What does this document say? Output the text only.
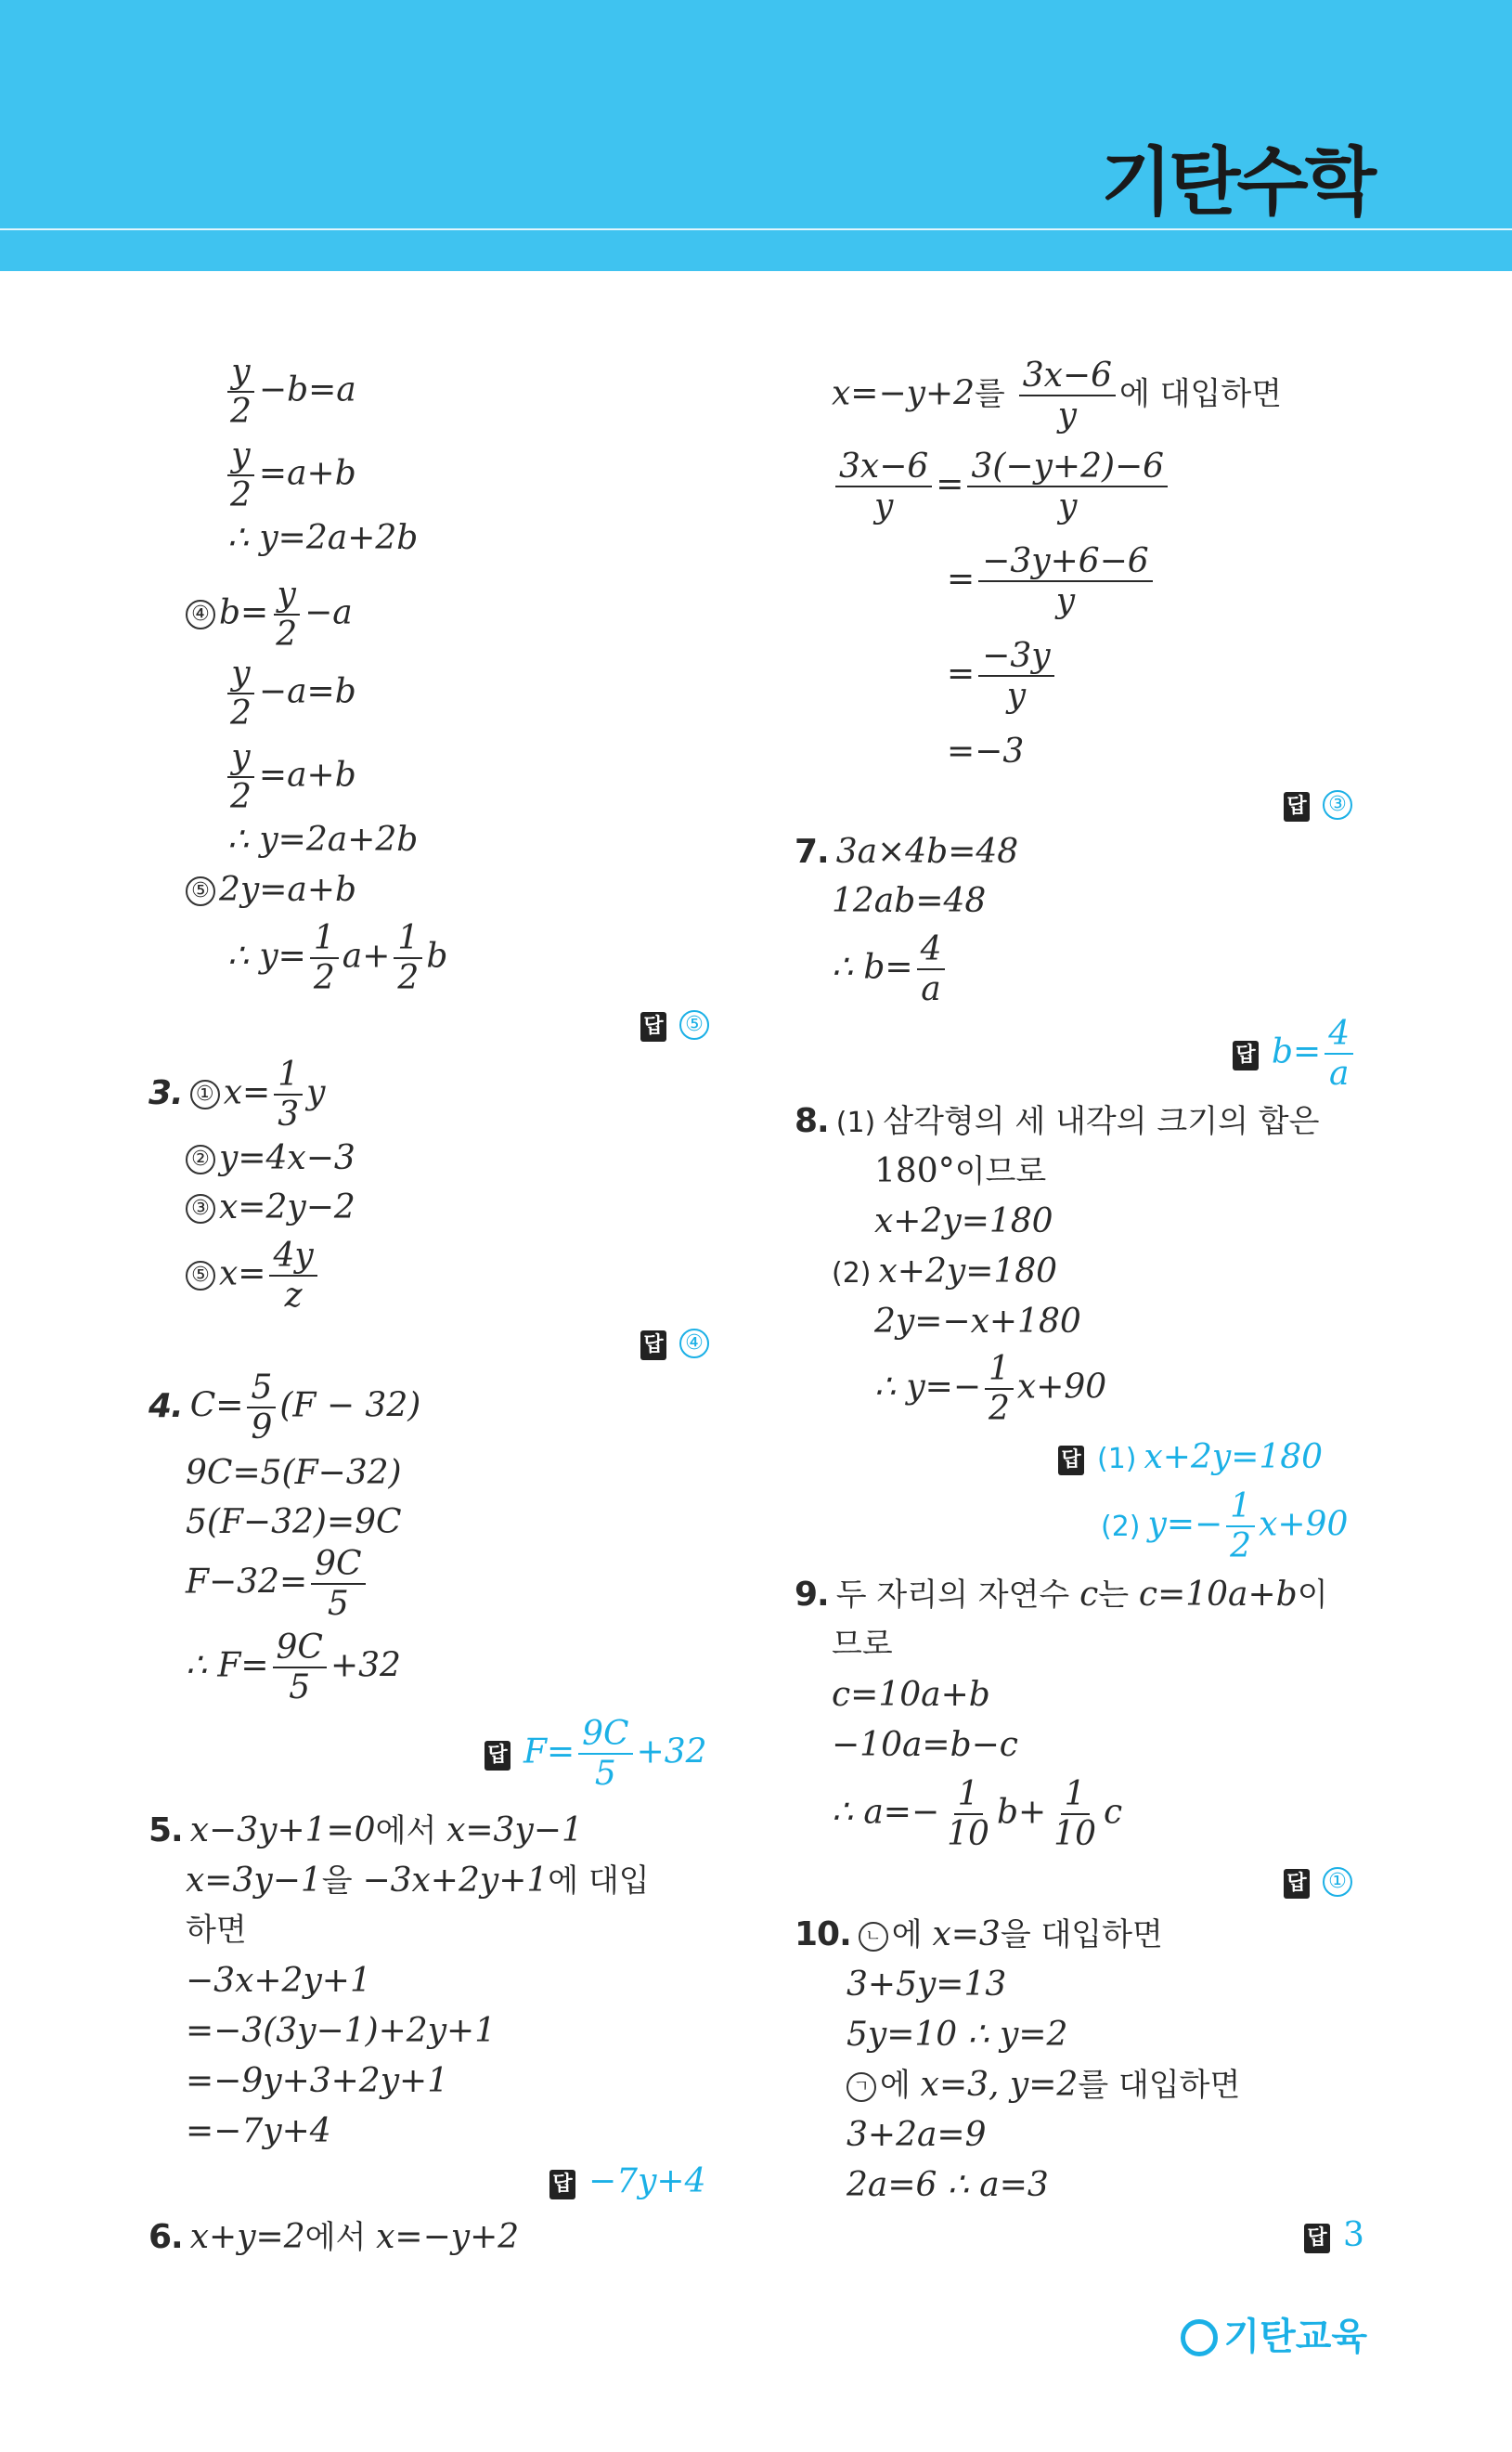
기탄수학
$\frac{y}{2} -b=a$
$\frac{y}{2} =a+b$
∴ y=2a+2b
④ $b= \frac{y}{2} -a$
$\frac{y}{2} -a=b$
$\frac{y}{2} =a+b$
∴ y=2a+2b
⑤ 2y=a+b
∴ $y= \frac{1}{2} a+ \frac{1}{2}$ b
답 ⑤
3. ① $x= \frac{1}{3}$ y
② y=4x−3
③ x=2y−2
⑤ $x= \frac{4y}{z}$
답 ④
4. $C= \frac{5}{9} (F - 32)$
9C=5(F−32)
5(F−32)=9C
$F-32= \frac{9C}{5}$
∴ $F= \frac{9C}{5} +32$
답 $F= \frac{9C}{5} +32$
5. x−3y+1=0에서 x=3y−1
x=3y−1을 −3x+2y+1에 대입
하면
−3x+2y+1
=−3(3y−1)+2y+1
=−9y+3+2y+1
=−7y+4
답 −7y+4
6. x+y=2에서 x=−y+2
x=−y+2를 $\frac{3x-6}{y}$ 에 대입하면
$\frac{3x-6}{y} = \frac{3(-y+2)-6}{y}$
= $\frac{-3y+6-6}{y}$
= $\frac{-3y}{y}$
=−3
답 ③
7. 3a×4b=48
12ab=48
∴ $b= \frac{4}{a}$
답 $b= \frac{4}{a}$
8. (1) 삼각형의 세 내각의 크기의 합은
180°이므로
x+2y=180
(2) x+2y=180
2y=−x+180
∴ $y=- \frac{1}{2} x+90$
답 (1) x+2y=180
(2) $y=- \frac{1}{2} x+90$
9. 두 자리의 자연수 c는 c=10a+b이
므로
c=10a+b
−10a=b−c
∴ $a=- \frac{1}{10} b+ \frac{1}{10}$ c
답 ①
10. ㄴ 에 x=3을 대입하면
3+5y=13
5y=10 ∴ y=2
ㄱ 에 x=3, y=2를 대입하면
3+2a=9
2a=6 ∴ a=3
답 3
기탄교육
